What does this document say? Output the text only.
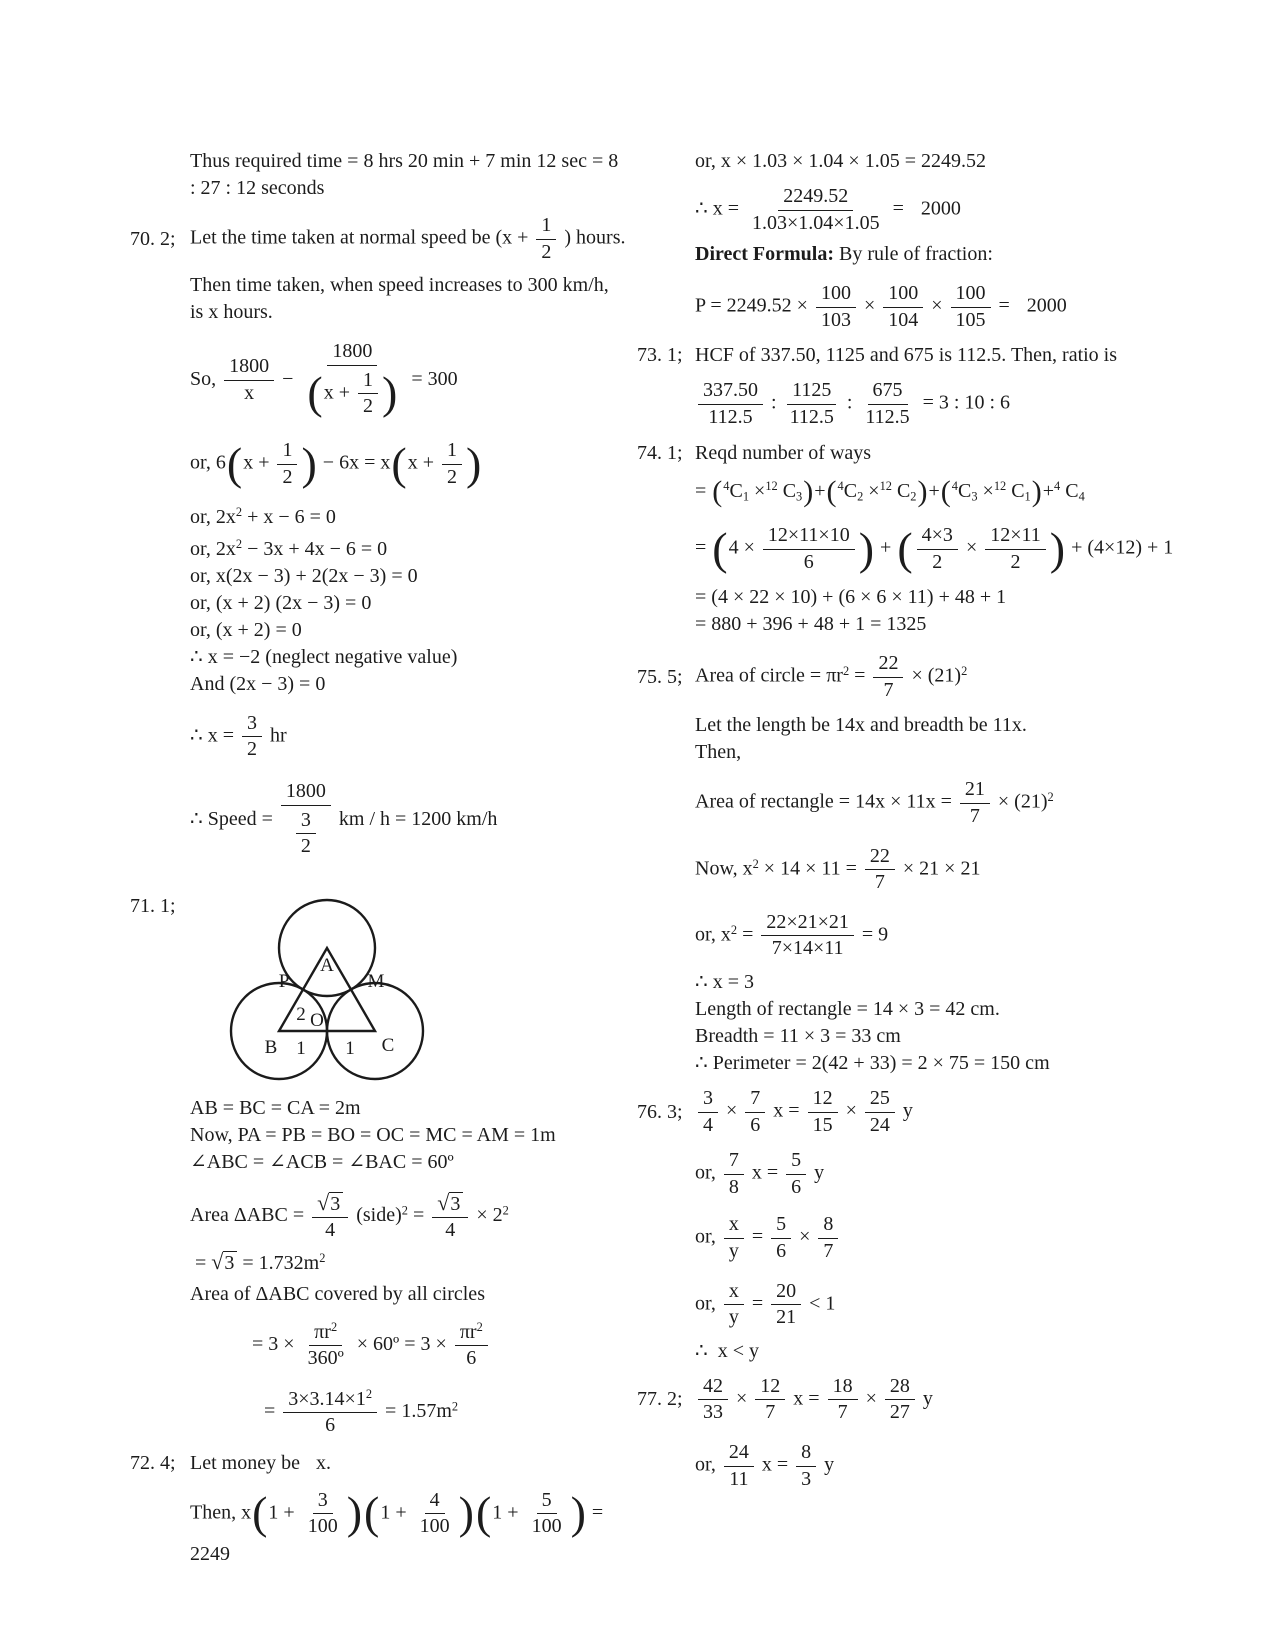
Thus required time = 8 hrs 20 min + 7 min 12 sec = 8
: 27 : 12 seconds
70. 2; Let the time taken at normal speed be ($x + \frac{1}{2}$ ) hours.
Then time taken, when speed increases to 300 km/h,
is x hours.
So, $\frac{1800}{x} - \frac{1800}{(x + \frac{1}{2} )} = 300$
or, $6(x + \frac{1}{2}$ ) − $6x = x(x + \frac{1}{2}$ )
or, $2x^2 + x - 6 = 0$
or, $2x^2 - 3x + 4x - 6 = 0$
or, x(2x − 3) + 2(2x − 3) = 0
or, (x + 2) (2x − 3) = 0
or, (x + 2) = 0
∴ x = −2 (neglect negative value)
And (2x − 3) = 0
∴ $x = \frac{3}{2}$ hr
∴ Speed = $\frac{1800}{\frac{3}{2}}$ km / h = 1200 km/h
71. 1;
A
P	M
2 O
B	C
1 1
AB = BC = CA = 2m
Now, PA = PB = BO = OC = MC = AM = 1m
∠ABC = ∠ACB = ∠BAC = 60º
Area $\Delta ABC = \frac{√3}{4}$ (side)$^2$ = $\frac{√3}{4} \times 2^2 = √3 = 1.732m^2$
Area of ΔABC covered by all circles
= $3 \times \frac{\pi r^2}{\text{360º}}$ × 60º = $3 \times \frac{\pi r^2}{6}$
= $\frac{3\times 3.14\times 1^2}{6} = 1.57m^2$
72. 4; Let money be x.
Then, $x(1 + \frac{3}{100} )(1 + \frac{4}{100} )(1 + \frac{5}{100}$ ) = 2249
or, x × 1.03 × 1.04 × 1.05 = 2249.52
∴ $x = \frac{2249.52}{1.03\times 1.04\times 1.05} = 2000$
Direct Formula: By rule of fraction:
$P = 2249.52 \times \frac{100}{103} \times \frac{100}{104} \times \frac{100}{105} = 2000$
73. 1; HCF of 337.50, 1125 and 675 is 112.5. Then, ratio is
$\frac{337.50}{112.5}$ : $\frac{1125}{112.5}$ : $\frac{675}{112.5} = 3$ : 10 : 6
74. 1; Reqd number of ways
= ($^4$C1 ×$^{12}$ C3)+($^4$C2 ×$^{12}$ C2)+($^4$C3 ×$^{12}$ C1)+$^4$ C4
= ($4 \times \frac{12\times 11\times 10}{6}$ ) + ( $\frac{4\times 3}{2} \times \frac{12\times 11}{2}$ ) + (4×12) + 1
= (4 × 22 × 10) + (6 × 6 × 11) + 48 + 1
= 880 + 396 + 48 + 1 = 1325
75. 5; Area of circle = $\pi r^2 = \frac{22}{7} \times (21)^2$
Let the length be 14x and breadth be 11x.
Then,
Area of rectangle = $14x \times 11x = \frac{21}{7} \times (21)^2$
Now, $x^2 \times 14 \times 11 = \frac{22}{7} \times 21 \times 21$
or, $x^2 = \frac{22\times 21\times 21}{7\times 14\times 11} = 9$
∴ x = 3
Length of rectangle = 14 × 3 = 42 cm.
Breadth = 11 × 3 = 33 cm
∴ Perimeter = 2(42 + 33) = 2 × 75 = 150 cm
76. 3; $\frac{3}{4} \times \frac{7}{6}$ $x = \frac{12}{15} \times \frac{25}{24}$ y
or, $\frac{7}{8}$ $x = \frac{5}{6}$ y
or, $\frac{x}{y} = \frac{5}{6} \times \frac{8}{7}$
or, $\frac{x}{y} = \frac{20}{21} < 1$
∴  x < y
77. 2; $\frac{42}{33} \times \frac{12}{7}$ $x = \frac{18}{7} \times \frac{28}{27}$ y
or, $\frac{24}{11}$ $x = \frac{8}{3}$ y
